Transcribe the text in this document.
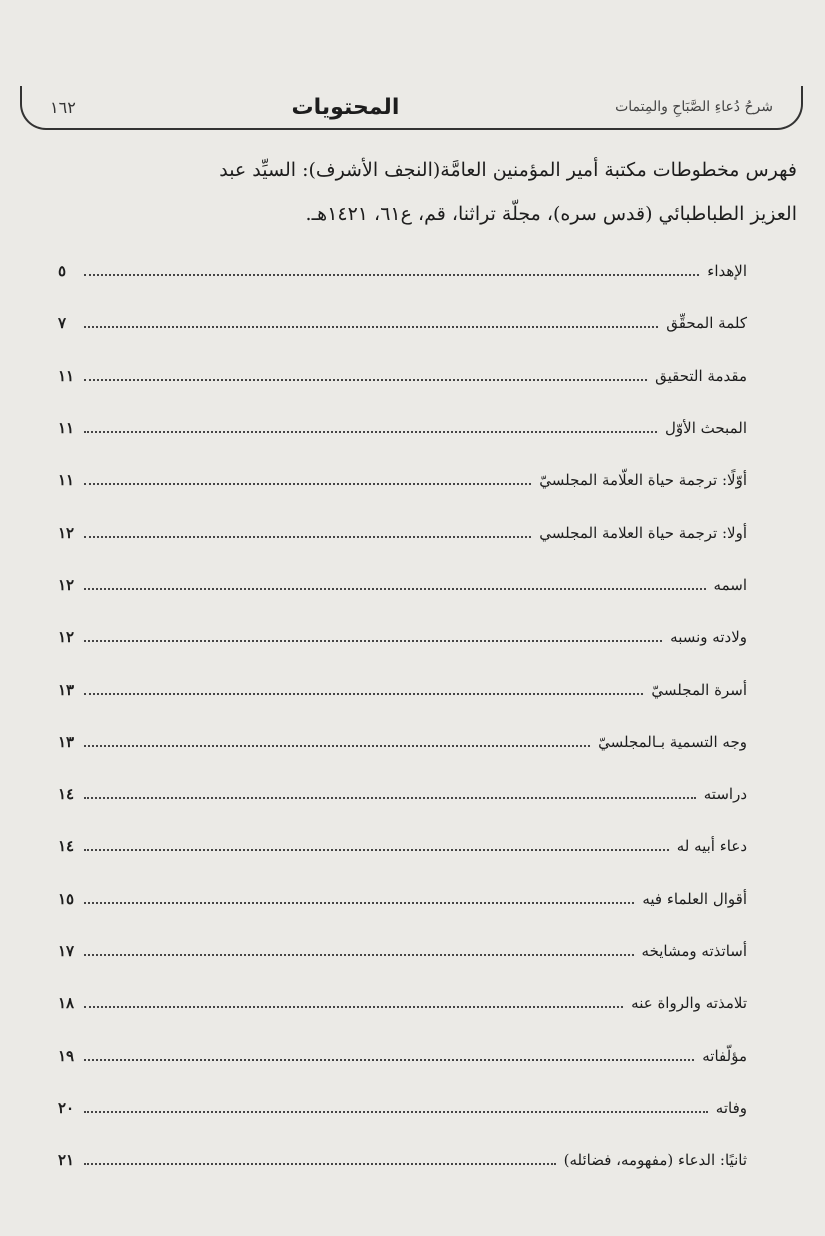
شرحُ دُعاءِ الصَّبَاحِ والمِتمات
المحتويات
١٦٢

فهرس مخطوطات مكتبة أمير المؤمنين العامَّة(النجف الأشرف): السيِّد عبد

العزيز الطباطبائي (قدس سره)، مجلّة تراثنا، قم، ع٦١، ١٤٢١هـ.

الإهداء
٥
كلمة المحقِّق
٧
مقدمة التحقيق
١١
المبحث الأوّل
١١
أوّلًا: ترجمة حياة العلّامة المجلسيّ
١١
أولا: ترجمة حياة العلامة المجلسي
١٢
اسمه
١٢
ولادته ونسبه
١٢
أسرة المجلسيّ
١٣
وجه التسمية بـالمجلسيّ
١٣
دراسته
١٤
دعاء أبيه له
١٤
أقوال العلماء فيه
١٥
أساتذته ومشايخه
١٧
تلامذته والرواة عنه
١٨
مؤلّفاته
١٩
وفاته
٢٠
ثانيًا: الدعاء (مفهومه، فضائله)
٢١
